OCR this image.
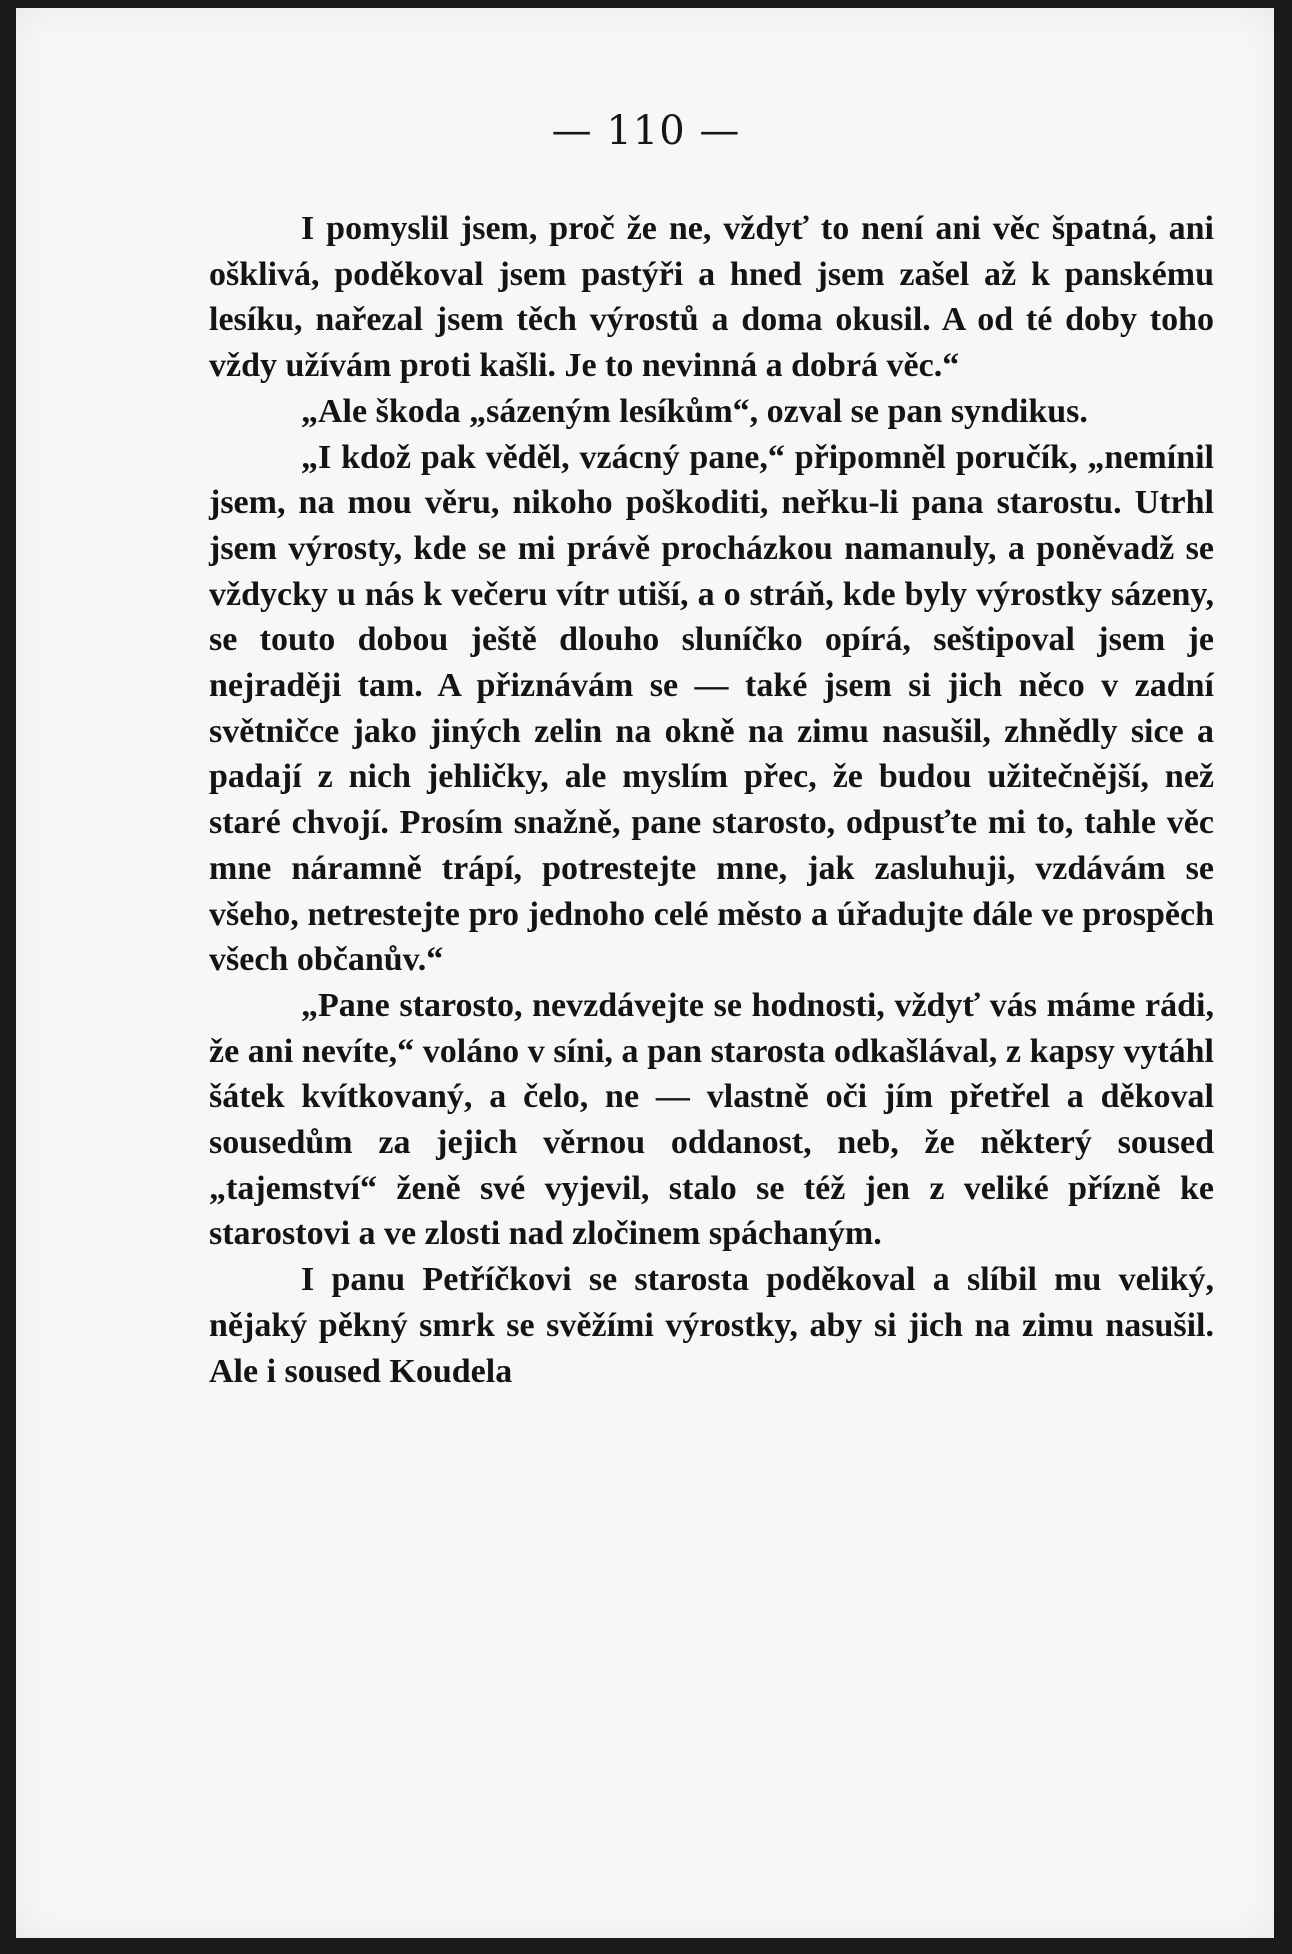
— 110 —

I pomyslil jsem, proč že ne, vždyť to není ani věc špatná, ani ošklivá, poděkoval jsem pastýři a hned jsem zašel až k panskému lesíku, nařezal jsem těch výrostů a doma okusil. A od té doby toho vždy užívám proti kašli. Je to nevinná a dobrá věc.“

„Ale škoda „sázeným lesíkům“, ozval se pan syndikus.

„I kdož pak věděl, vzácný pane,“ připomněl poručík, „nemínil jsem, na mou věru, nikoho poškoditi, neřku-li pana starostu. Utrhl jsem výrosty, kde se mi právě procházkou namanuly, a poněvadž se vždycky u nás k večeru vítr utiší, a o stráň, kde byly výrostky sázeny, se touto dobou ještě dlouho sluníčko opírá, seštipoval jsem je nejraději tam. A přiznávám se — také jsem si jich něco v zadní světničce jako jiných zelin na okně na zimu nasušil, zhnědly sice a padají z nich jehličky, ale myslím přec, že budou užitečnější, než staré chvojí. Prosím snažně, pane starosto, odpusťte mi to, tahle věc mne náramně trápí, potrestejte mne, jak zasluhuji, vzdávám se všeho, netrestejte pro jednoho celé město a úřadujte dále ve prospěch všech občanův.“

„Pane starosto, nevzdávejte se hodnosti, vždyť vás máme rádi, že ani nevíte,“ voláno v síni, a pan starosta odkašlával, z kapsy vytáhl šátek kvítkovaný, a čelo, ne — vlastně oči jím přetřel a děkoval sousedům za jejich věrnou oddanost, neb, že některý soused „tajemství“ ženě své vyjevil, stalo se též jen z veliké přízně ke starostovi a ve zlosti nad zločinem spáchaným.

I panu Petříčkovi se starosta poděkoval a slíbil mu veliký, nějaký pěkný smrk se svěžími výrostky, aby si jich na zimu nasušil. Ale i soused Koudela
